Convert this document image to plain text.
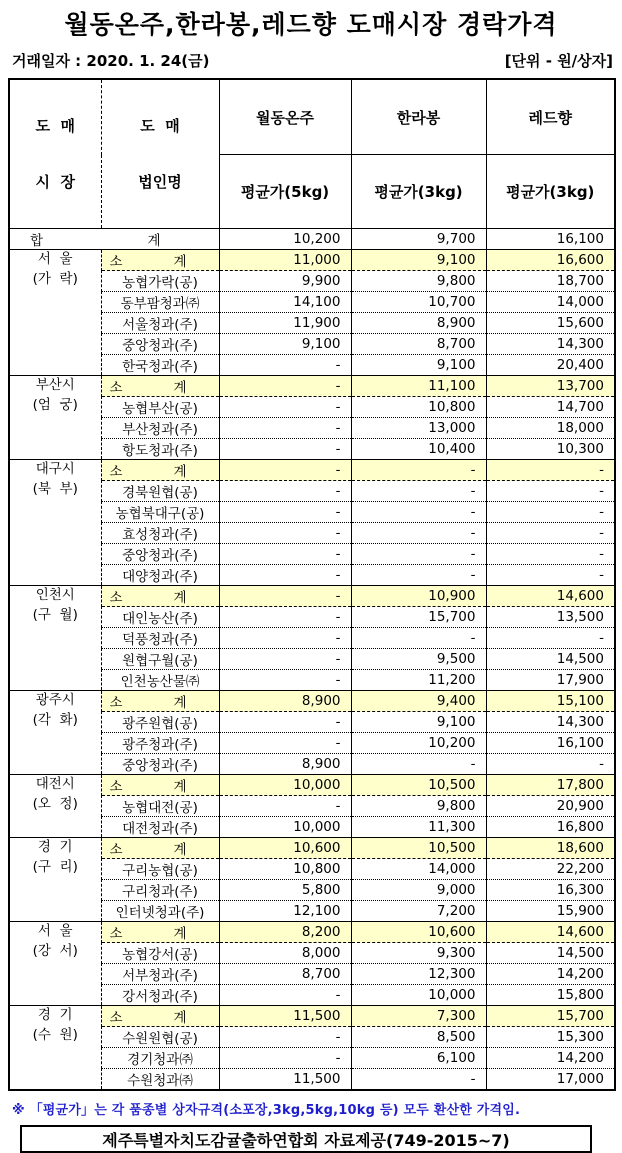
월동온주,한라봉,레드향 도매시장 경락가격
거래일자 : 2020. 1. 24(금)	[단위 - 원/상자]

도  매

시  장

도  매

법인명

	월동온주	한라봉	레드향
		평균가(5kg)	평균가(3kg)	평균가(3kg)

합 계		10,200	9,700	16,100

서  울
(가  락)

소	계	11,000	9,100	16,600
	농협가락(공)	9,900	9,800	18,700
	동부팜청과㈜	14,100	10,700	14,000
	서울청과(주)	11,900	8,900	15,600
	중앙청과(주)	9,100	8,700	14,300
	한국청과(주)	-	9,100	20,400

부산시
(엄  궁)

소	계	-	11,100	13,700
	농협부산(공)	-	10,800	14,700
	부산청과(주)	-	13,000	18,000
	항도청과(주)	-	10,400	10,300

대구시
(북  부)

소	계	-	-	-
	경북원협(공)	-	-	-
	농협북대구(공)	-	-	-
	효성청과(주)	-	-	-
	중앙청과(주)	-	-	-
	대양청과(주)	-	-	-

인천시
(구  월)

소	계	-	10,900	14,600
	대인농산(주)	-	15,700	13,500
	덕풍청과(주)	-	-	-
	원협구월(공)	-	9,500	14,500
	인천농산물㈜	-	11,200	17,900

광주시
(각  화)

소	계	8,900	9,400	15,100
	광주원협(공)	-	9,100	14,300
	광주청과(주)	-	10,200	16,100
	중앙청과(주)	8,900	-	-

대전시
(오  정)

소	계	10,000	10,500	17,800
	농협대전(공)	-	9,800	20,900
	대전청과(주)	10,000	11,300	16,800

경  기
(구  리)

소	계	10,600	10,500	18,600
	구리농협(공)	10,800	14,000	22,200
	구리청과(주)	5,800	9,000	16,300
	인터넷청과(주)	12,100	7,200	15,900

서  울
(강  서)

소	계	8,200	10,600	14,600
	농협강서(공)	8,000	9,300	14,500
	서부청과(주)	8,700	12,300	14,200
	강서청과(주)	-	10,000	15,800

경  기
(수  원)

소	계	11,500	7,300	15,700
	수원원협(공)	-	8,500	15,300
	경기청과㈜	-	6,100	14,200
	수원청과㈜	11,500	-	17,000
※ 「평균가」는 각 품종별 상자규격(소포장,3kg,5kg,10kg 등) 모두 환산한 가격임.
제주특별자치도감귤출하연합회 자료제공(749-2015~7)
